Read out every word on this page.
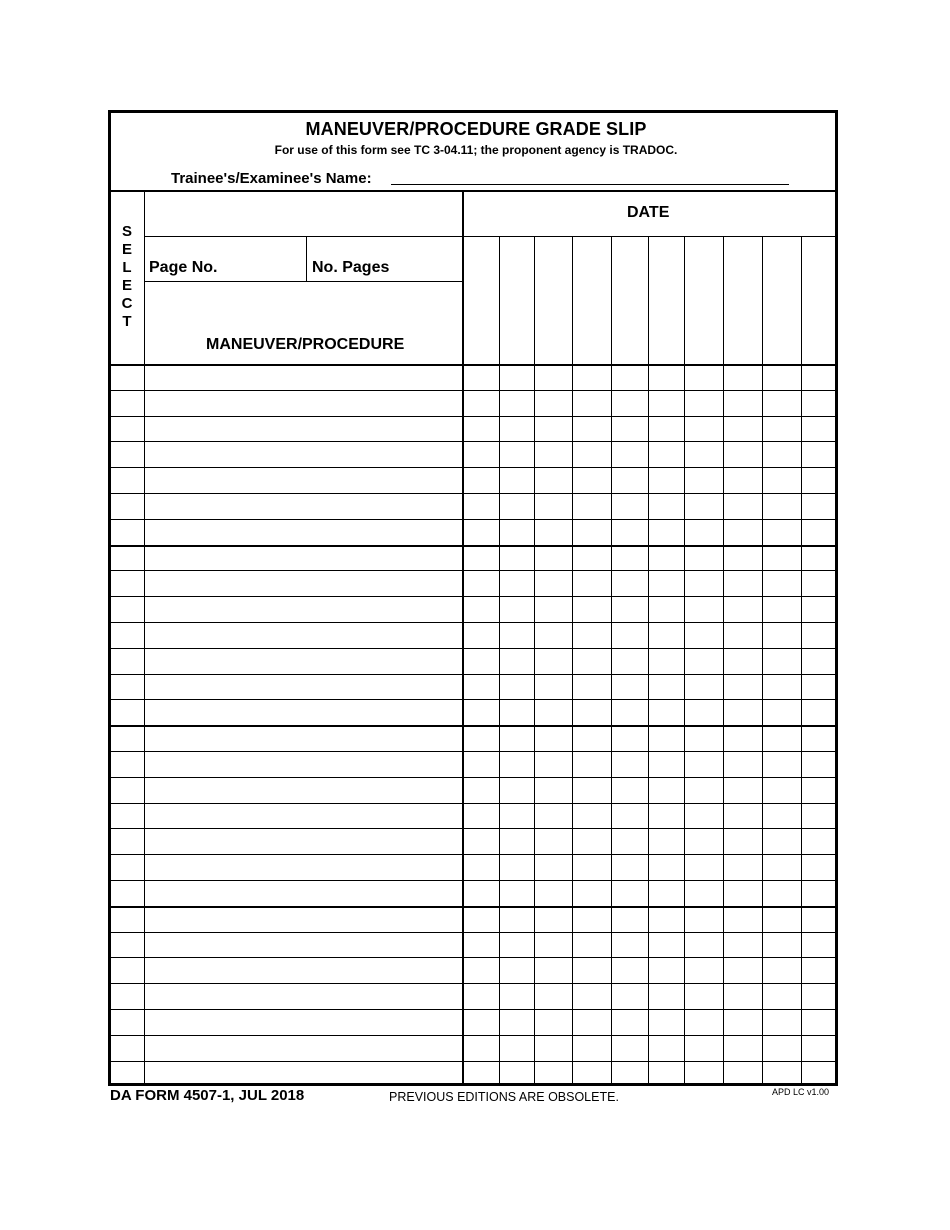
MANEUVER/PROCEDURE GRADE SLIP
For use of this form see TC 3-04.11; the proponent agency is TRADOC.
Trainee's/Examinee's Name:
S
E
L
E
C
T
DATE
Page No.	No. Pages
MANEUVER/PROCEDURE
DA FORM 4507-1, JUL 2018	PREVIOUS EDITIONS ARE OBSOLETE.	APD LC v1.00
